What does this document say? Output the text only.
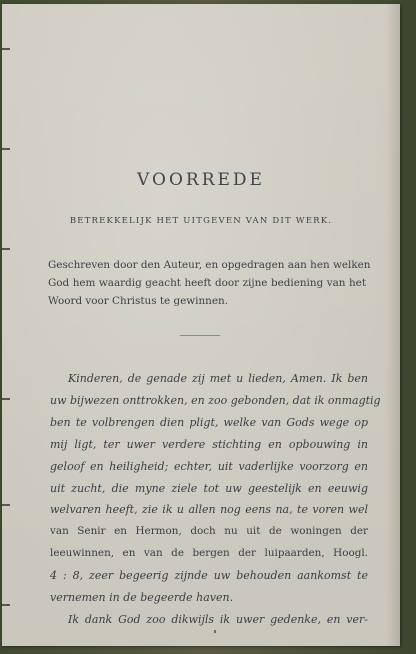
VOORREDE
BETREKKELIJK HET UITGEVEN VAN DIT WERK.
Geschreven door den Auteur, en opgedragen aan hen welken
God hem waardig geacht heeft door zijne bediening van het
Woord voor Christus te gewinnen.
Kinderen, de genade zij met u lieden, Amen. Ik ben
uw bijwezen onttrokken, en zoo gebonden, dat ik onmagtig
ben te volbrengen dien pligt, welke van Gods wege op
mij ligt, ter uwer verdere stichting en opbouwing in
geloof en heiligheid; echter, uit vaderlijke voorzorg en
uit zucht, die myne ziele tot uw geestelijk en eeuwig
welvaren heeft, zie ik u allen nog eens na, te voren wel
van Senir en Hermon, doch nu uit de woningen der
leeuwinnen, en van de bergen der luipaarden, Hoogl.
4 : 8, zeer begeerig zijnde uw behouden aankomst te
vernemen in de begeerde haven.
Ik dank God zoo dikwijls ik uwer gedenke, en ver-
